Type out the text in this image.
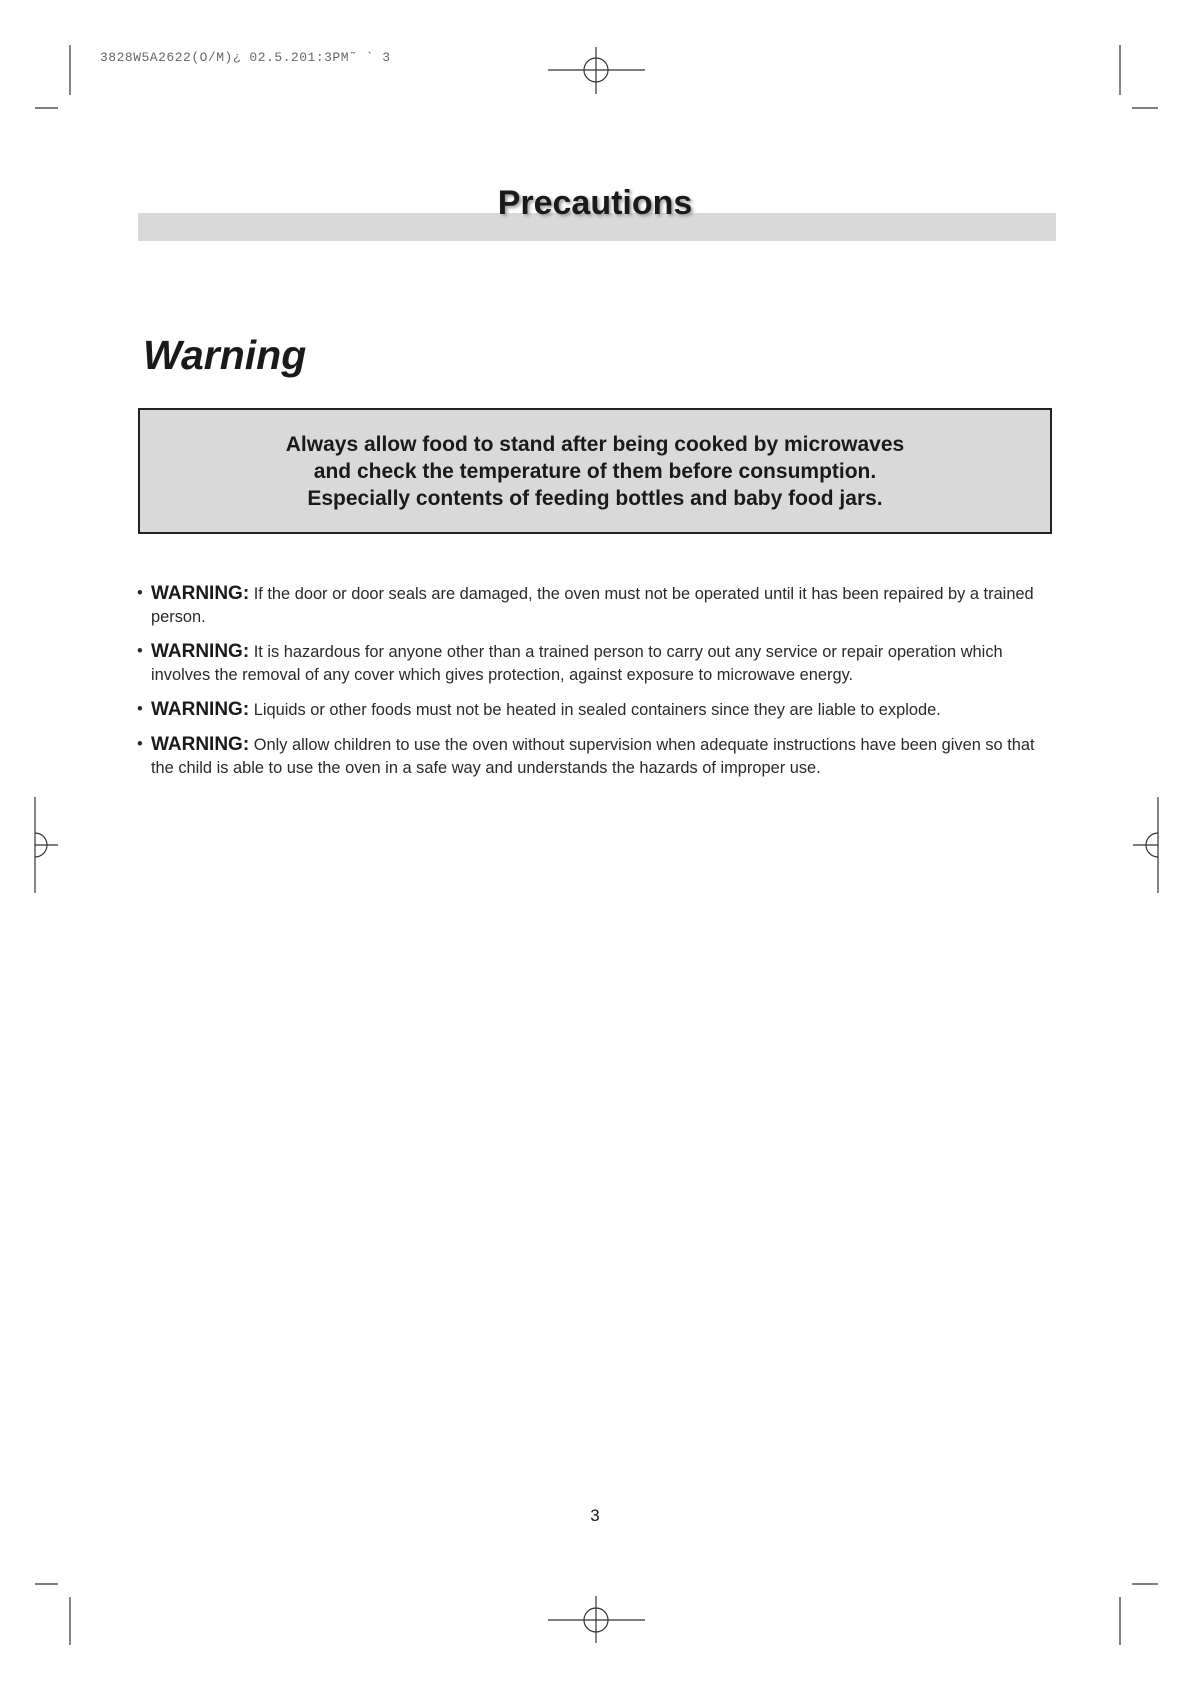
3828W5A2622(O/M)¿ 02.5.201:3PM˜ ` 3
Precautions
Warning
Always allow food to stand after being cooked by microwaves
and check the temperature of them before consumption.
Especially contents of feeding bottles and baby food jars.
• WARNING: If the door or door seals are damaged, the oven must not be operated until it has been repaired by a trained person.
• WARNING: It is hazardous for anyone other than a trained person to carry out any service or repair operation which involves the removal of any cover which gives protection, against exposure to microwave energy.
• WARNING: Liquids or other foods must not be heated in sealed containers since they are liable to explode.
• WARNING: Only allow children to use the oven without supervision when adequate instructions have been given so that the child is able to use the oven in a safe way and understands the hazards of improper use.
3
